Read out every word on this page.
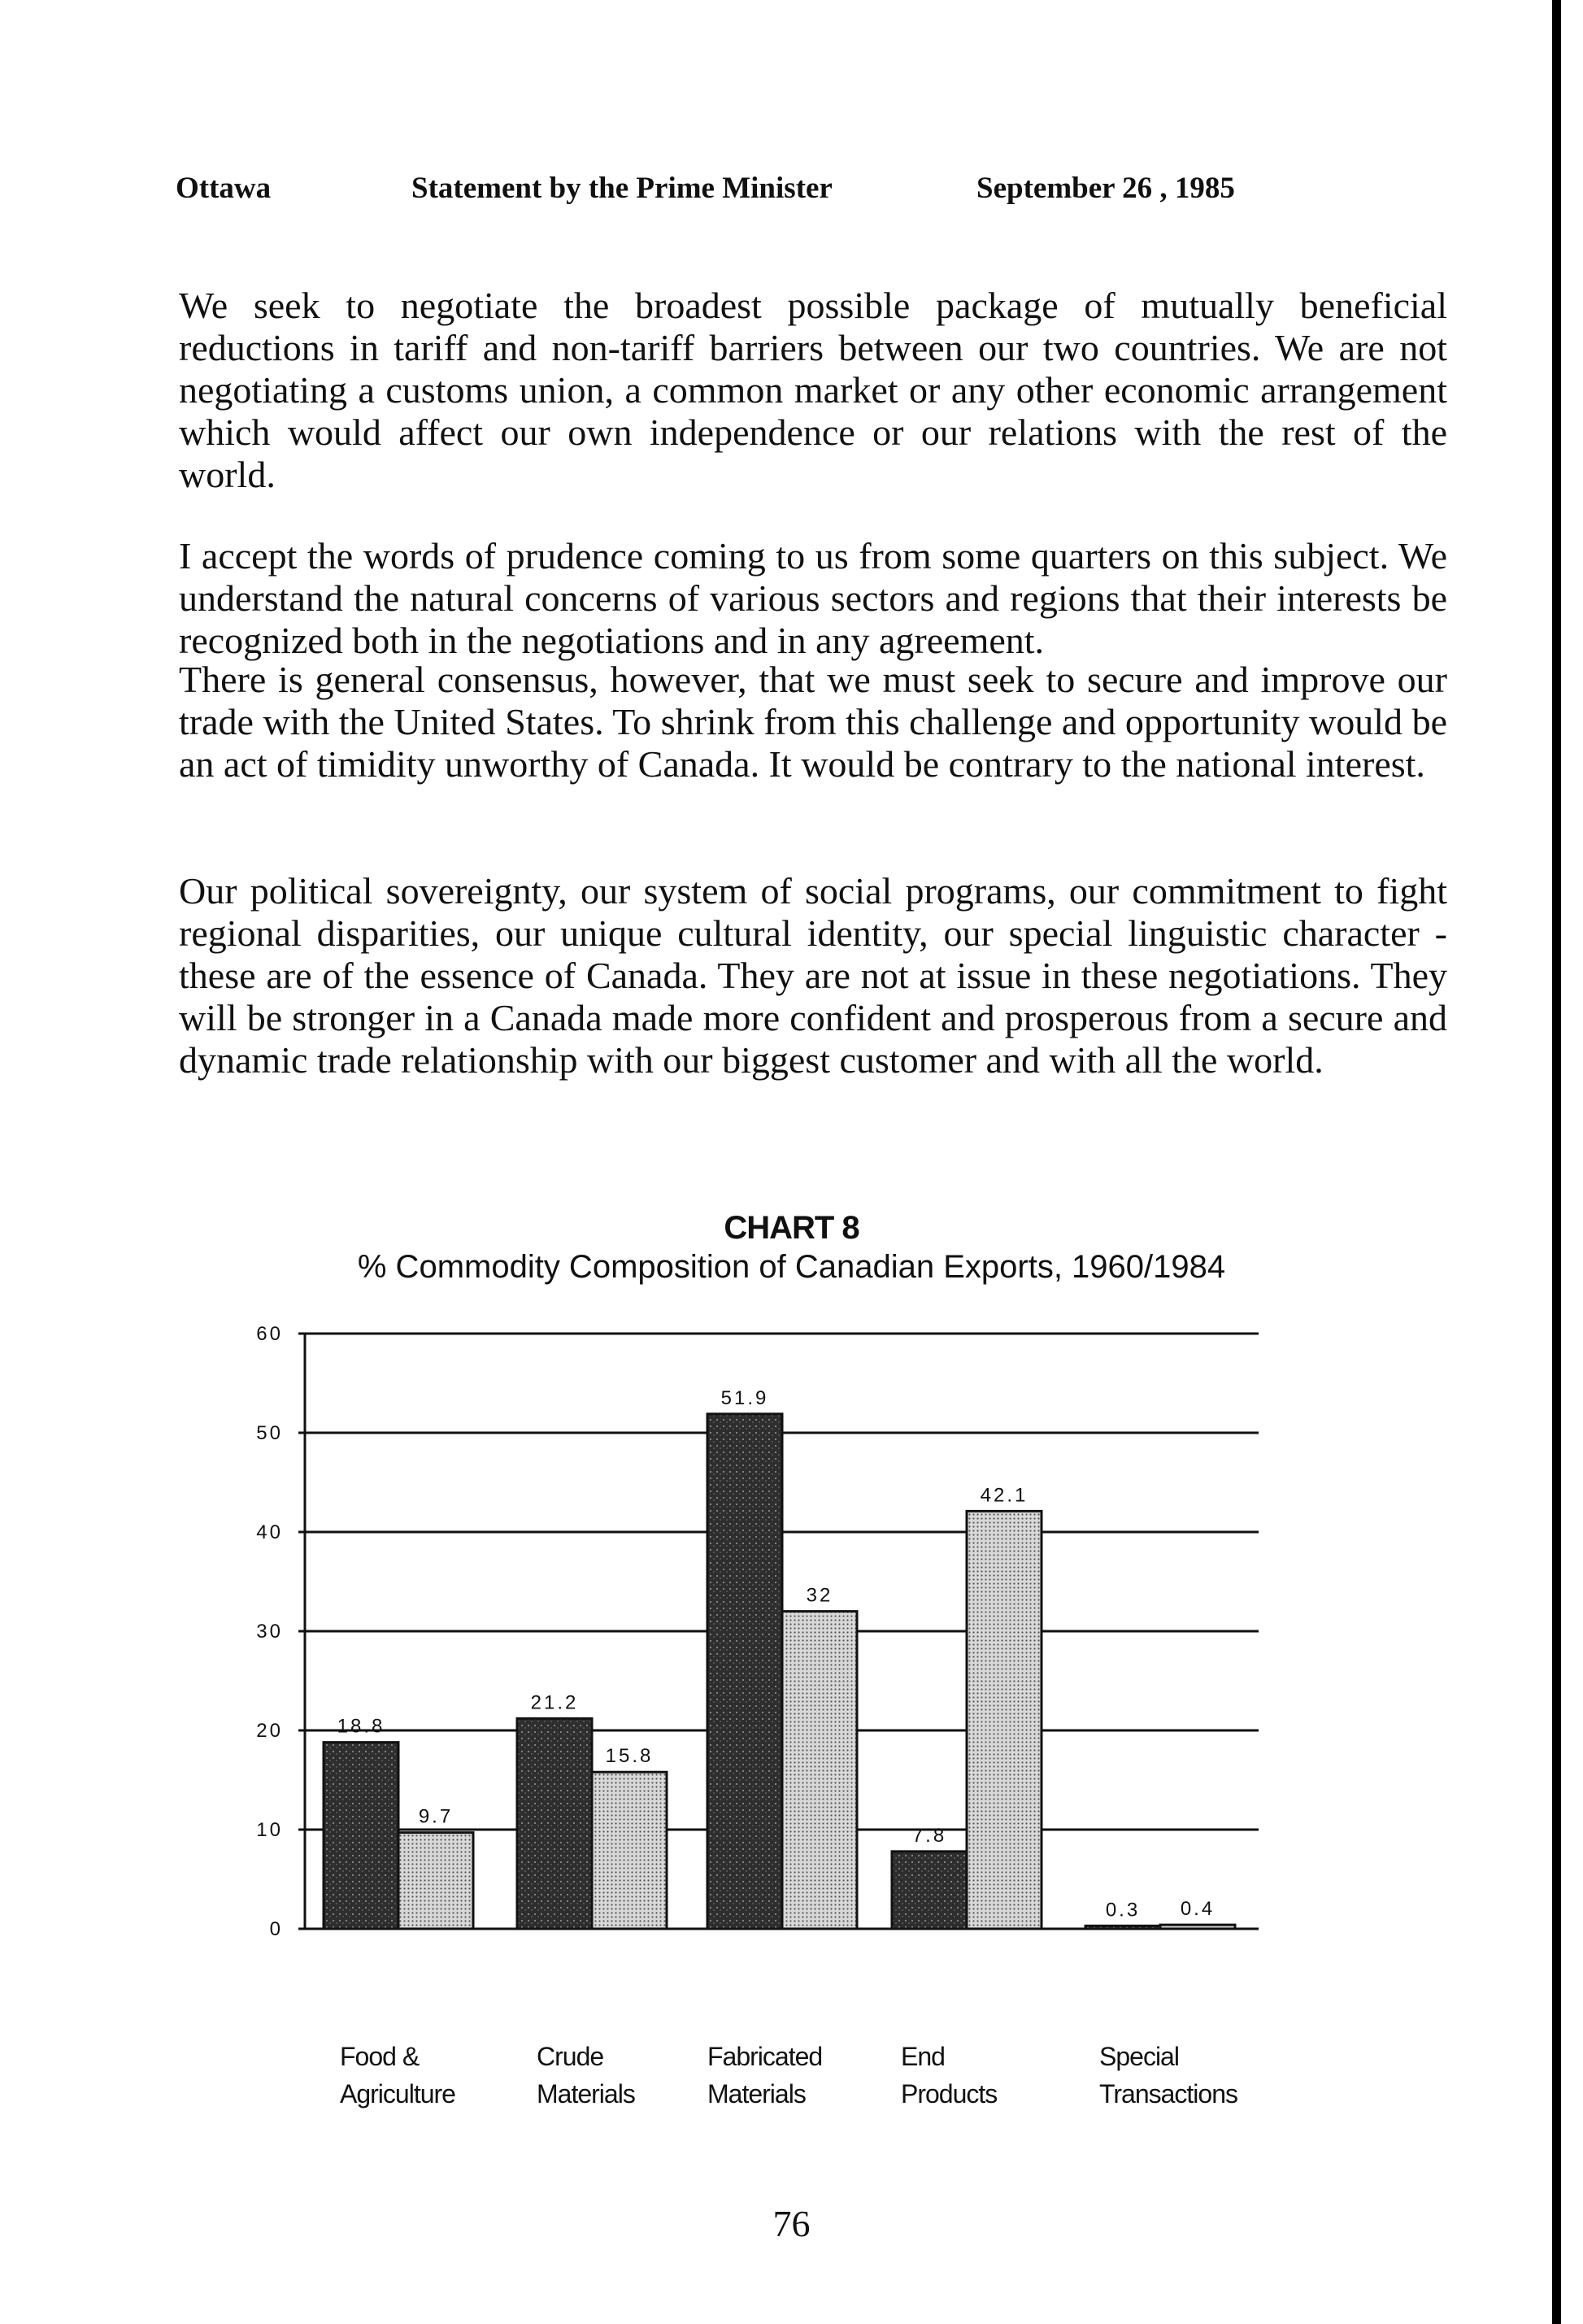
Ottawa	Statement by the Prime Minister	September 26 , 1985

We seek to negotiate the broadest possible package of mutually beneficial reductions in tariff and non-tariff barriers between our two countries. We are not negotiating a customs union, a common market or any other economic arrangement which would affect our own independence or our relations with the rest of the world.

I accept the words of prudence coming to us from some quarters on this subject. We understand the natural concerns of various sectors and regions that their interests be recognized both in the negotiations and in any agreement.

There is general consensus, however, that we must seek to secure and improve our trade with the United States. To shrink from this challenge and opportunity would be an act of timidity unworthy of Canada. It would be contrary to the national interest.

Our political sovereignty, our system of social programs, our commitment to fight regional disparities, our unique cultural identity, our special linguistic character - these are of the essence of Canada. They are not at issue in these negotiations. They will be stronger in a Canada made more confident and prosperous from a secure and dynamic trade relationship with our biggest customer and with all the world.

CHART 8
% Commodity Composition of Canadian Exports, 1960/1984
0
10
20
30
40
50
60
18.8
21.2
51.9
7.8
0.3
9.7
15.8
32
42.1
0.4
Food &
Agriculture
Crude
Materials
Fabricated
Materials
End
Products
Special
Transactions
76
